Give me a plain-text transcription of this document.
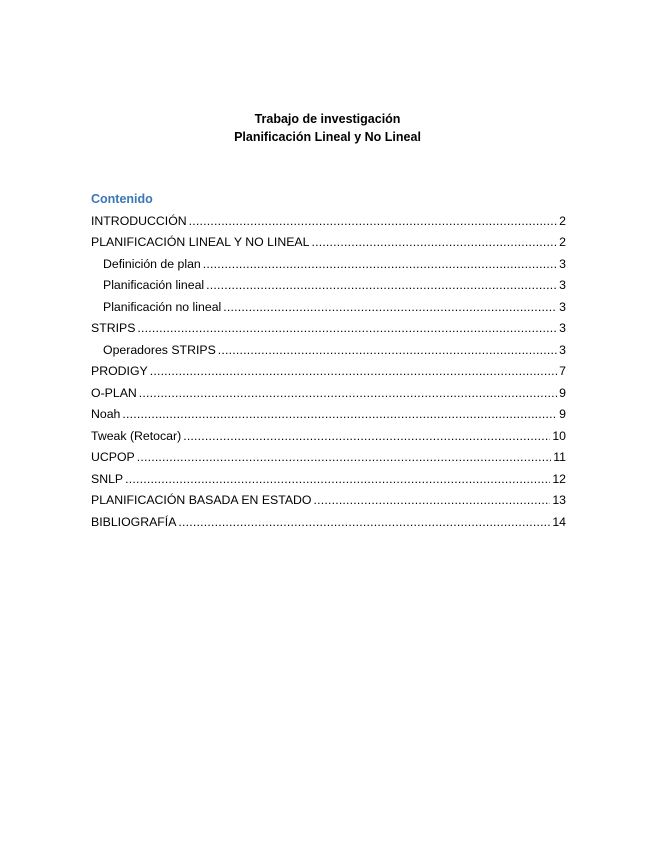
Trabajo de investigación
Planificación Lineal y No Lineal
Contenido
INTRODUCCIÓN .....	2
PLANIFICACIÓN LINEAL Y NO LINEAL .....	2
Definición de plan .....	3
Planificación lineal .....	3
Planificación no lineal .....	3
STRIPS .....	3
Operadores STRIPS .....	3
PRODIGY .....	7
O-PLAN .....	9
Noah .....	9
Tweak (Retocar) .....	10
UCPOP .....	11
SNLP .....	12
PLANIFICACIÓN BASADA EN ESTADO .....	13
BIBLIOGRAFÍA .....	14
